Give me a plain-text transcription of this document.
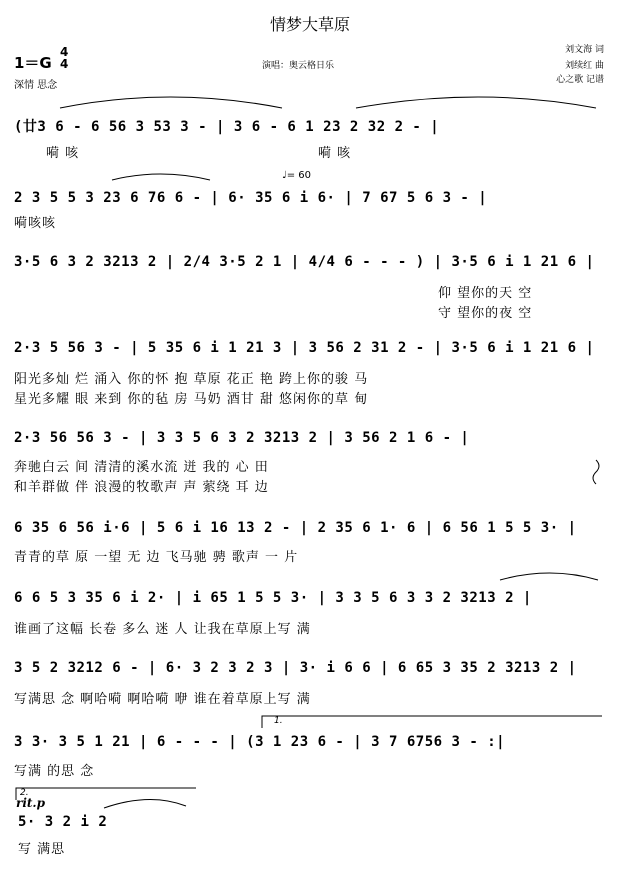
情梦大草原
1＝G
4
4
深情 思念
演唱：奥云格日乐
刘文海 词
刘续红 曲
心之歌 记谱
(廿3 6 - 6 56 3 53 3 - | 3 6 - 6 1 23 2 32 2 - |
嗬 咳	嗬 咳
♩= 60
2 3 5 5 3 23 6 76 6 - | 6· 35 6 i 6· | 7 67 5 6 3 - |
嗬咳咳
3·5 6 3 2 3213 2 | 2/4 3·5 2 1 | 4/4 6 - - - ) | 3·5 6 i 1 21 6 |
仰 望你的天 空
守 望你的夜 空
2·3 5 56 3 - | 5 35 6 i 1 21 3 | 3 56 2 31 2 - | 3·5 6 i 1 21 6 |
阳光多灿 烂 涌入 你的怀 抱 草原 花正 艳 跨上你的骏 马
星光多耀 眼 来到 你的毡 房 马奶 酒甘 甜 悠闲你的草 甸
2·3 56 56 3 - | 3 3 5 6 3 2 3213 2 | 3 56 2 1 6 - |
奔驰白云 间 清清的溪水流 迸 我的 心 田
和羊群做 伴 浪漫的牧歌声 声 萦绕 耳 边
6 35 6 56 i·6 | 5 6 i 16 13 2 - | 2 35 6 1· 6 | 6 56 1 5 5 3· |
青青的草 原 一望 无 边 飞马驰 骋 歌声 一 片
6 6 5 3 35 6 i 2· | i 65 1 5 5 3· | 3 3 5 6 3 3 2 3213 2 |
谁画了这幅 长卷 多么 迷 人 让我在草原上写 满
3 5 2 3212 6 - | 6· 3 2 3 2 3 | 3· i 6 6 | 6 65 3 35 2 3213 2 |
写满思 念 啊哈嗬 啊哈嗬 咿 谁在着草原上写 满
1.
3 3· 3 5 1 21 | 6 - - - | (3 1 23 6 - | 3 7 6756 3 - :|
写满 的思 念
2.
rit.p
5· 3 2 i 2
写 满思
